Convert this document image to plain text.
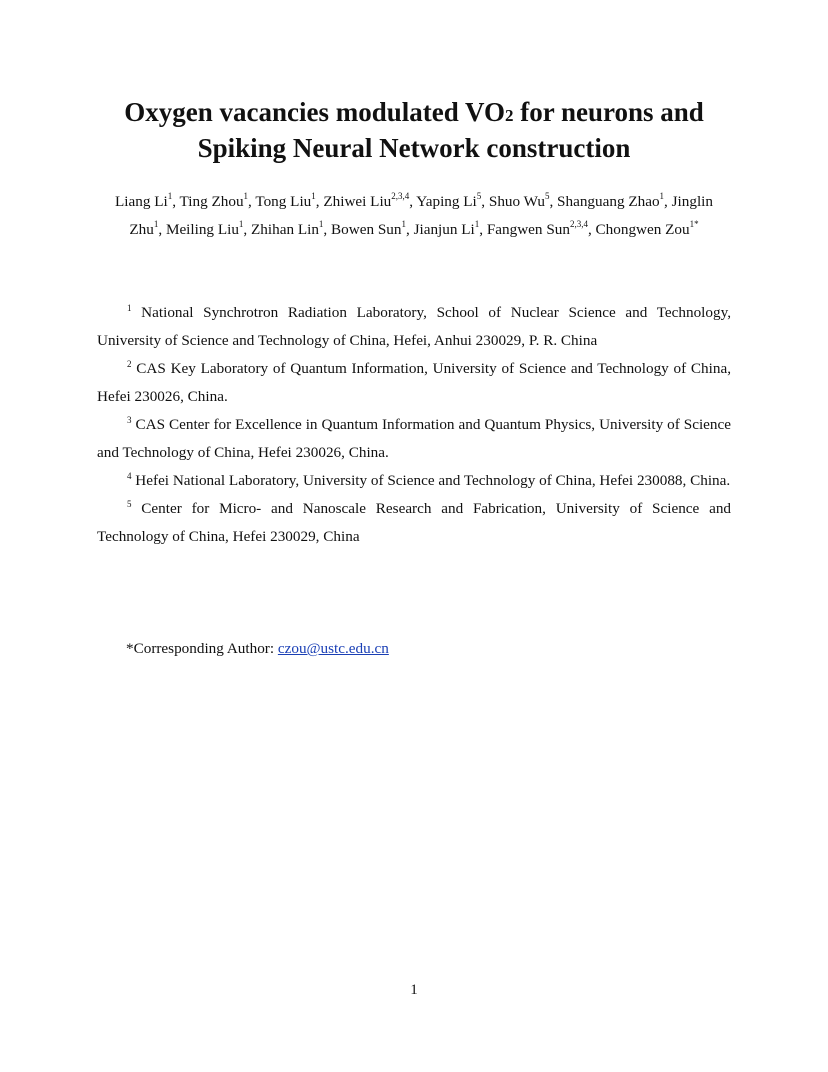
Oxygen vacancies modulated VO2 for neurons and
Spiking Neural Network construction
Liang Li$^1$, Ting Zhou$^1$, Tong Liu$^1$, Zhiwei Liu$^{2,3,4}$, Yaping Li$^5$, Shuo Wu$^5$, Shanguang Zhao$^1$, Jinglin Zhu$^1$, Meiling Liu$^1$, Zhihan Lin$^1$, Bowen Sun$^1$, Jianjun Li$^1$, Fangwen Sun$^{2,3,4}$, Chongwen Zou$^{1*}$

$^1$ National Synchrotron Radiation Laboratory, School of Nuclear Science and Technology, University of Science and Technology of China, Hefei, Anhui 230029, P. R. China

$^2$ CAS Key Laboratory of Quantum Information, University of Science and Technology of China, Hefei 230026, China.

$^3$ CAS Center for Excellence in Quantum Information and Quantum Physics, University of Science and Technology of China, Hefei 230026, China.

$^4$ Hefei National Laboratory, University of Science and Technology of China, Hefei 230088, China.

$^5$ Center for Micro- and Nanoscale Research and Fabrication, University of Science and Technology of China, Hefei 230029, China

*Corresponding Author: czou@ustc.edu.cn
1
